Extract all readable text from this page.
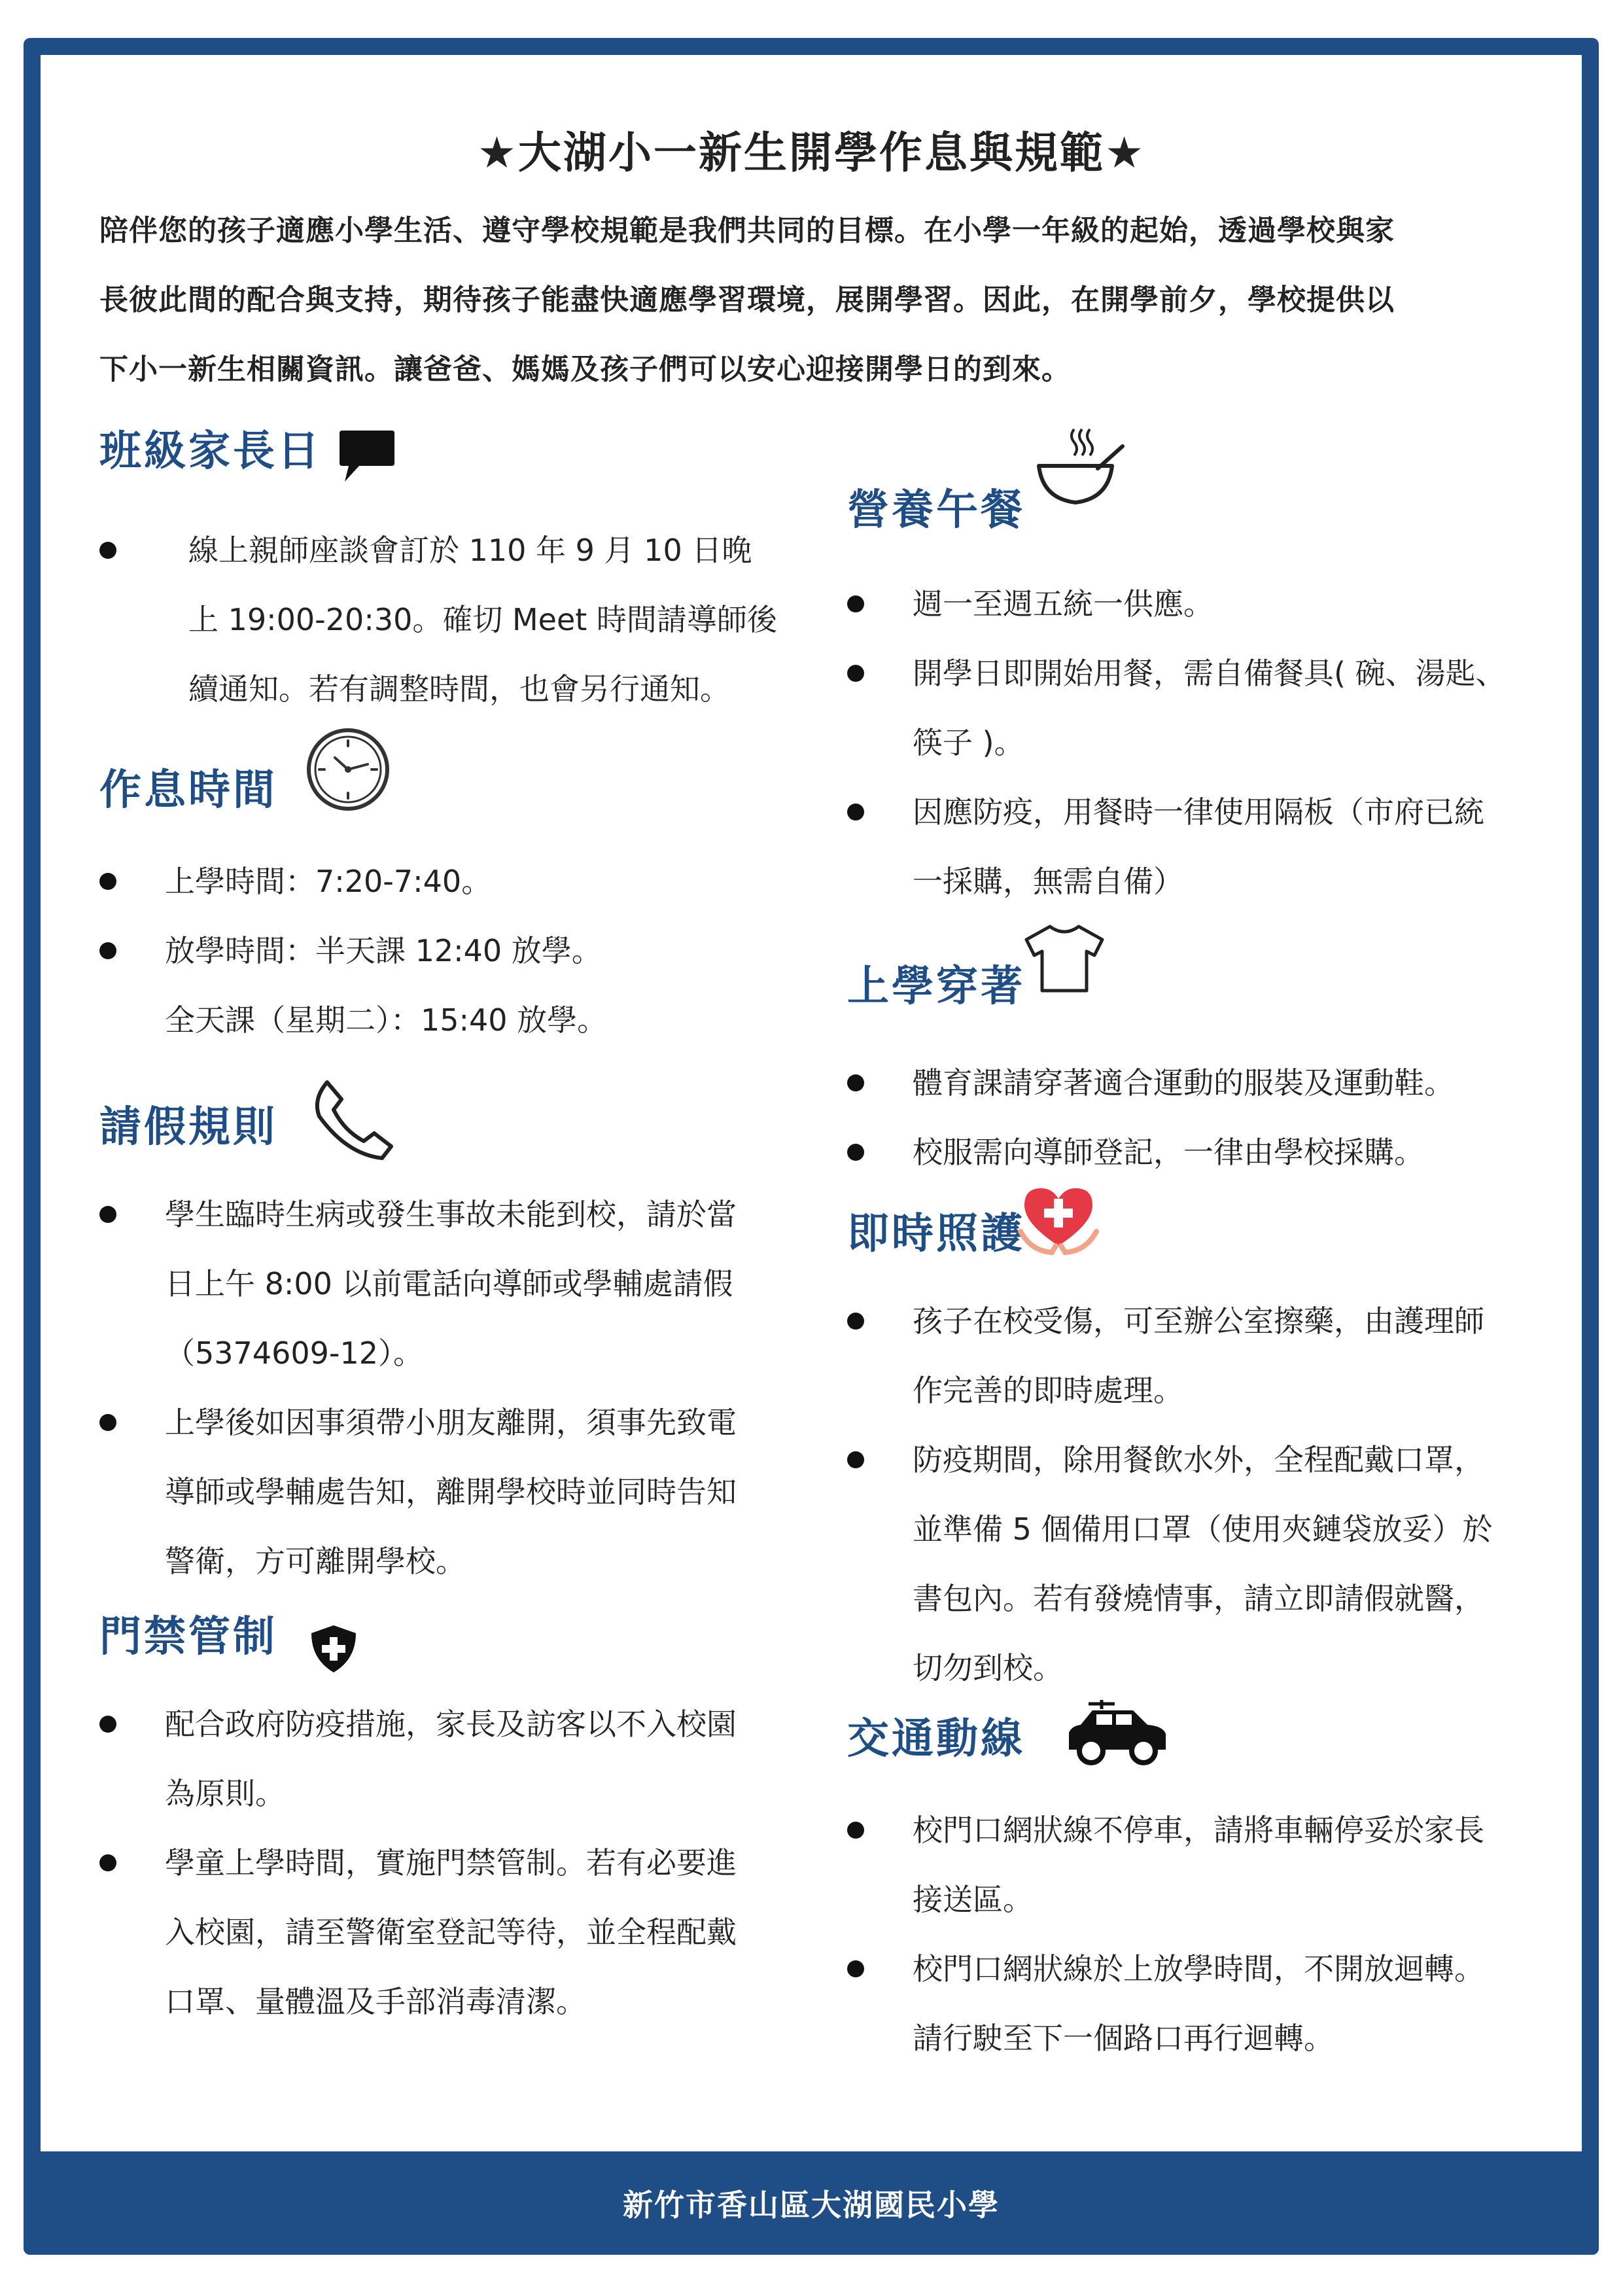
★大湖小一新生開學作息與規範★

陪伴您的孩子適應小學生活、遵守學校規範是我們共同的目標。在小學一年級的起始，透過學校與家

長彼此間的配合與支持，期待孩子能盡快適應學習環境，展開學習。因此，在開學前夕，學校提供以

下小一新生相關資訊。讓爸爸、媽媽及孩子們可以安心迎接開學日的到來。

班級家長日
線上親師座談會訂於 110 年 9 月 10 日晚
上 19:00-20:30。確切 Meet 時間請導師後
續通知。若有調整時間，也會另行通知。
作息時間
上學時間：7:20-7:40。
放學時間：半天課 12:40 放學。
全天課（星期二）：15:40 放學。
請假規則
學生臨時生病或發生事故未能到校，請於當
日上午 8:00 以前電話向導師或學輔處請假
（5374609-12）。
上學後如因事須帶小朋友離開，須事先致電
導師或學輔處告知，離開學校時並同時告知
警衛，方可離開學校。
門禁管制
配合政府防疫措施，家長及訪客以不入校園
為原則。
學童上學時間，實施門禁管制。若有必要進
入校園，請至警衛室登記等待，並全程配戴
口罩、量體溫及手部消毒清潔。
營養午餐
週一至週五統一供應。
開學日即開始用餐，需自備餐具( 碗、湯匙、
筷子 )。
因應防疫，用餐時一律使用隔板（市府已統
一採購，無需自備）
上學穿著
體育課請穿著適合運動的服裝及運動鞋。
校服需向導師登記，一律由學校採購。
即時照護
孩子在校受傷，可至辦公室擦藥，由護理師
作完善的即時處理。
防疫期間，除用餐飲水外，全程配戴口罩，
並準備 5 個備用口罩（使用夾鏈袋放妥）於
書包內。若有發燒情事，請立即請假就醫，
切勿到校。
交通動線
校門口網狀線不停車，請將車輛停妥於家長
接送區。
校門口網狀線於上放學時間，不開放迴轉。
請行駛至下一個路口再行迴轉。
新竹市香山區大湖國民小學
